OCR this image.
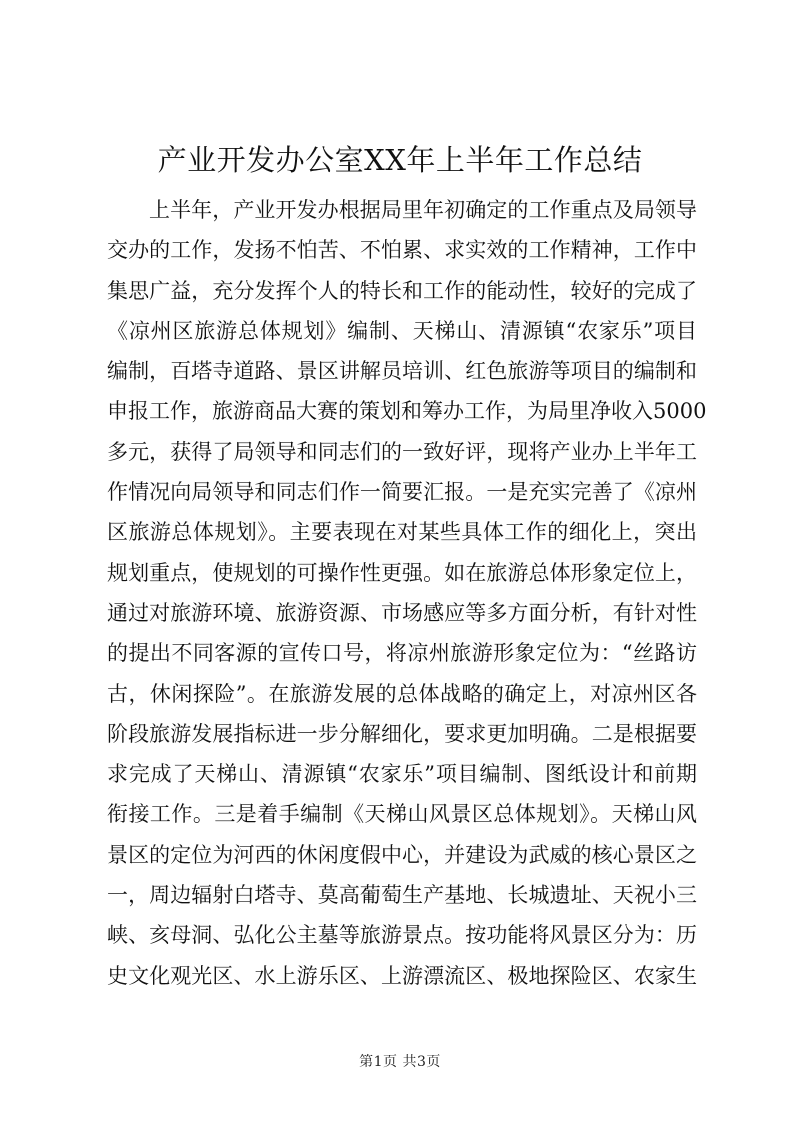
产业开发办公室XX年上半年工作总结
上半年，产业开发办根据局里年初确定的工作重点及局领导
交办的工作，发扬不怕苦、不怕累、求实效的工作精神，工作中
集思广益，充分发挥个人的特长和工作的能动性，较好的完成了
《凉州区旅游总体规划》编制、天梯山、清源镇“农家乐”项目
编制，百塔寺道路、景区讲解员培训、红色旅游等项目的编制和
申报工作，旅游商品大赛的策划和筹办工作，为局里净收入5000
多元，获得了局领导和同志们的一致好评，现将产业办上半年工
作情况向局领导和同志们作一简要汇报。一是充实完善了《凉州
区旅游总体规划》。主要表现在对某些具体工作的细化上，突出
规划重点，使规划的可操作性更强。如在旅游总体形象定位上，
通过对旅游环境、旅游资源、市场感应等多方面分析，有针对性
的提出不同客源的宣传口号，将凉州旅游形象定位为：“丝路访
古，休闲探险”。在旅游发展的总体战略的确定上，对凉州区各
阶段旅游发展指标进一步分解细化，要求更加明确。二是根据要
求完成了天梯山、清源镇“农家乐”项目编制、图纸设计和前期
衔接工作。三是着手编制《天梯山风景区总体规划》。天梯山风
景区的定位为河西的休闲度假中心，并建设为武威的核心景区之
一，周边辐射白塔寺、莫高葡萄生产基地、长城遗址、天祝小三
峡、亥母洞、弘化公主墓等旅游景点。按功能将风景区分为：历
史文化观光区、水上游乐区、上游漂流区、极地探险区、农家生
第1页 共3页
